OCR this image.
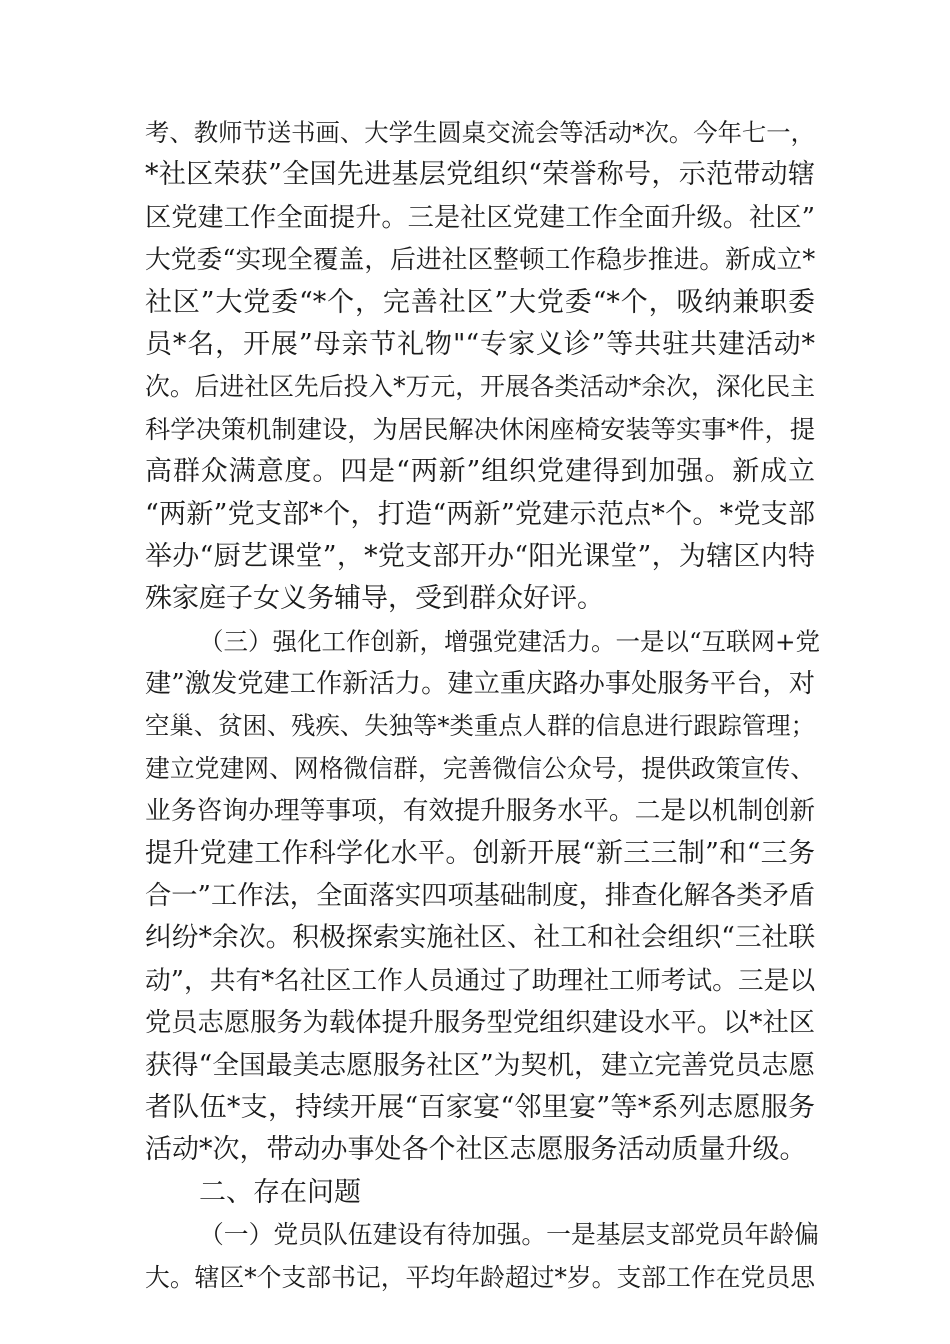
考、教师节送书画、大学生圆桌交流会等活动*次。今年七一，
*社区荣获”全国先进基层党组织“荣誉称号，示范带动辖
区党建工作全面提升。三是社区党建工作全面升级。社区”
大党委“实现全覆盖，后进社区整顿工作稳步推进。新成立*
社区”大党委“*个，完善社区”大党委“*个，吸纳兼职委
员*名，开展”母亲节礼物"“专家义诊”等共驻共建活动*
次。后进社区先后投入*万元，开展各类活动*余次，深化民主
科学决策机制建设，为居民解决休闲座椅安装等实事*件，提
高群众满意度。四是“两新”组织党建得到加强。新成立
“两新”党支部*个，打造“两新”党建示范点*个。*党支部
举办“厨艺课堂”，*党支部开办“阳光课堂”，为辖区内特
殊家庭子女义务辅导，受到群众好评。
（三）强化工作创新，增强党建活力。一是以“互联网+党
建”激发党建工作新活力。建立重庆路办事处服务平台，对
空巢、贫困、残疾、失独等*类重点人群的信息进行跟踪管理；
建立党建网、网格微信群，完善微信公众号，提供政策宣传、
业务咨询办理等事项，有效提升服务水平。二是以机制创新
提升党建工作科学化水平。创新开展“新三三制”和“三务
合一”工作法，全面落实四项基础制度，排查化解各类矛盾
纠纷*余次。积极探索实施社区、社工和社会组织“三社联
动”，共有*名社区工作人员通过了助理社工师考试。三是以
党员志愿服务为载体提升服务型党组织建设水平。以*社区
获得“全国最美志愿服务社区”为契机，建立完善党员志愿
者队伍*支，持续开展“百家宴“邻里宴”等*系列志愿服务
活动*次，带动办事处各个社区志愿服务活动质量升级。
二、存在问题
（一）党员队伍建设有待加强。一是基层支部党员年龄偏
大。辖区*个支部书记，平均年龄超过*岁。支部工作在党员思
